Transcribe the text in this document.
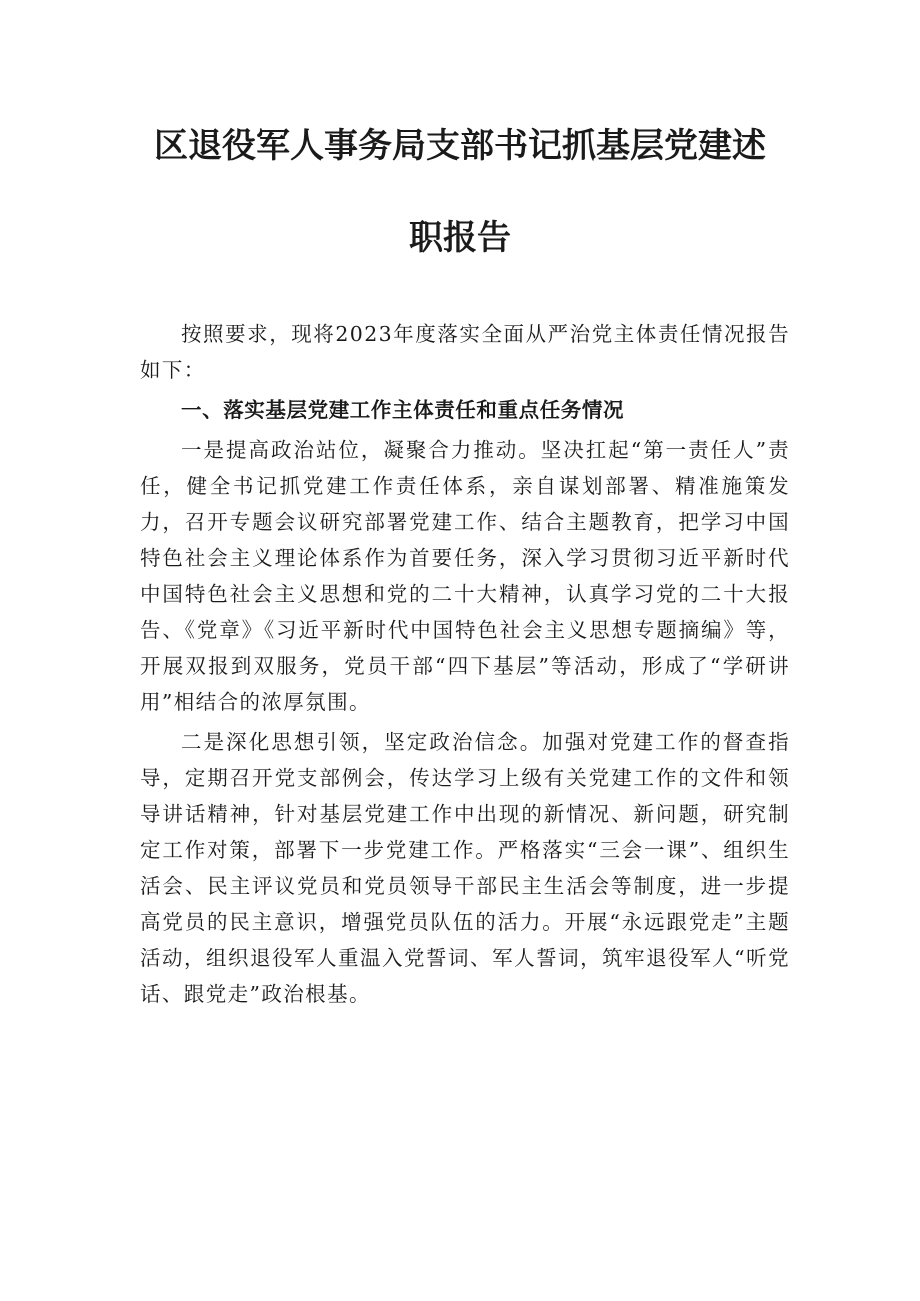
区退役军人事务局支部书记抓基层党建述
职报告

按照要求，现将2023年度落实全面从严治党主体责任情况报告如下：

一、落实基层党建工作主体责任和重点任务情况

一是提高政治站位，凝聚合力推动。坚决扛起“第一责任人”责任，健全书记抓党建工作责任体系，亲自谋划部署、精准施策发力，召开专题会议研究部署党建工作、结合主题教育，把学习中国特色社会主义理论体系作为首要任务，深入学习贯彻习近平新时代中国特色社会主义思想和党的二十大精神，认真学习党的二十大报告、《党章》《习近平新时代中国特色社会主义思想专题摘编》等，开展双报到双服务，党员干部“四下基层”等活动，形成了“学研讲用”相结合的浓厚氛围。

二是深化思想引领，坚定政治信念。加强对党建工作的督查指导，定期召开党支部例会，传达学习上级有关党建工作的文件和领导讲话精神，针对基层党建工作中出现的新情况、新问题，研究制定工作对策，部署下一步党建工作。严格落实“三会一课”、组织生活会、民主评议党员和党员领导干部民主生活会等制度，进一步提高党员的民主意识，增强党员队伍的活力。开展“永远跟党走”主题活动，组织退役军人重温入党誓词、军人誓词，筑牢退役军人“听党话、跟党走”政治根基。
